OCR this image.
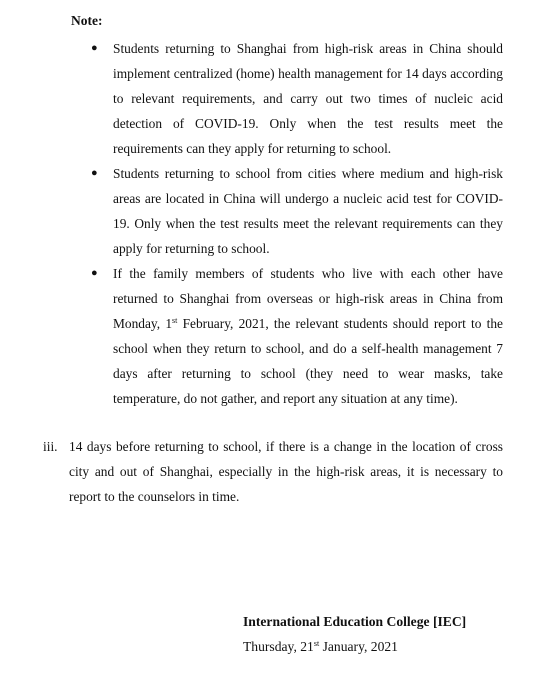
Note:
● Students returning to Shanghai from high-risk areas in China should implement centralized (home) health management for 14 days according to relevant requirements, and carry out two times of nucleic acid detection of COVID-19. Only when the test results meet the requirements can they apply for returning to school.
● Students returning to school from cities where medium and high-risk areas are located in China will undergo a nucleic acid test for COVID-19. Only when the test results meet the relevant requirements can they apply for returning to school.
● If the family members of students who live with each other have returned to Shanghai from overseas or high-risk areas in China from Monday, 1st February, 2021, the relevant students should report to the school when they return to school, and do a self-health management 7 days after returning to school (they need to wear masks, take temperature, do not gather, and report any situation at any time).
iii. 14 days before returning to school, if there is a change in the location of cross city and out of Shanghai, especially in the high-risk areas, it is necessary to report to the counselors in time.
International Education College [IEC]
Thursday, 21st January, 2021
